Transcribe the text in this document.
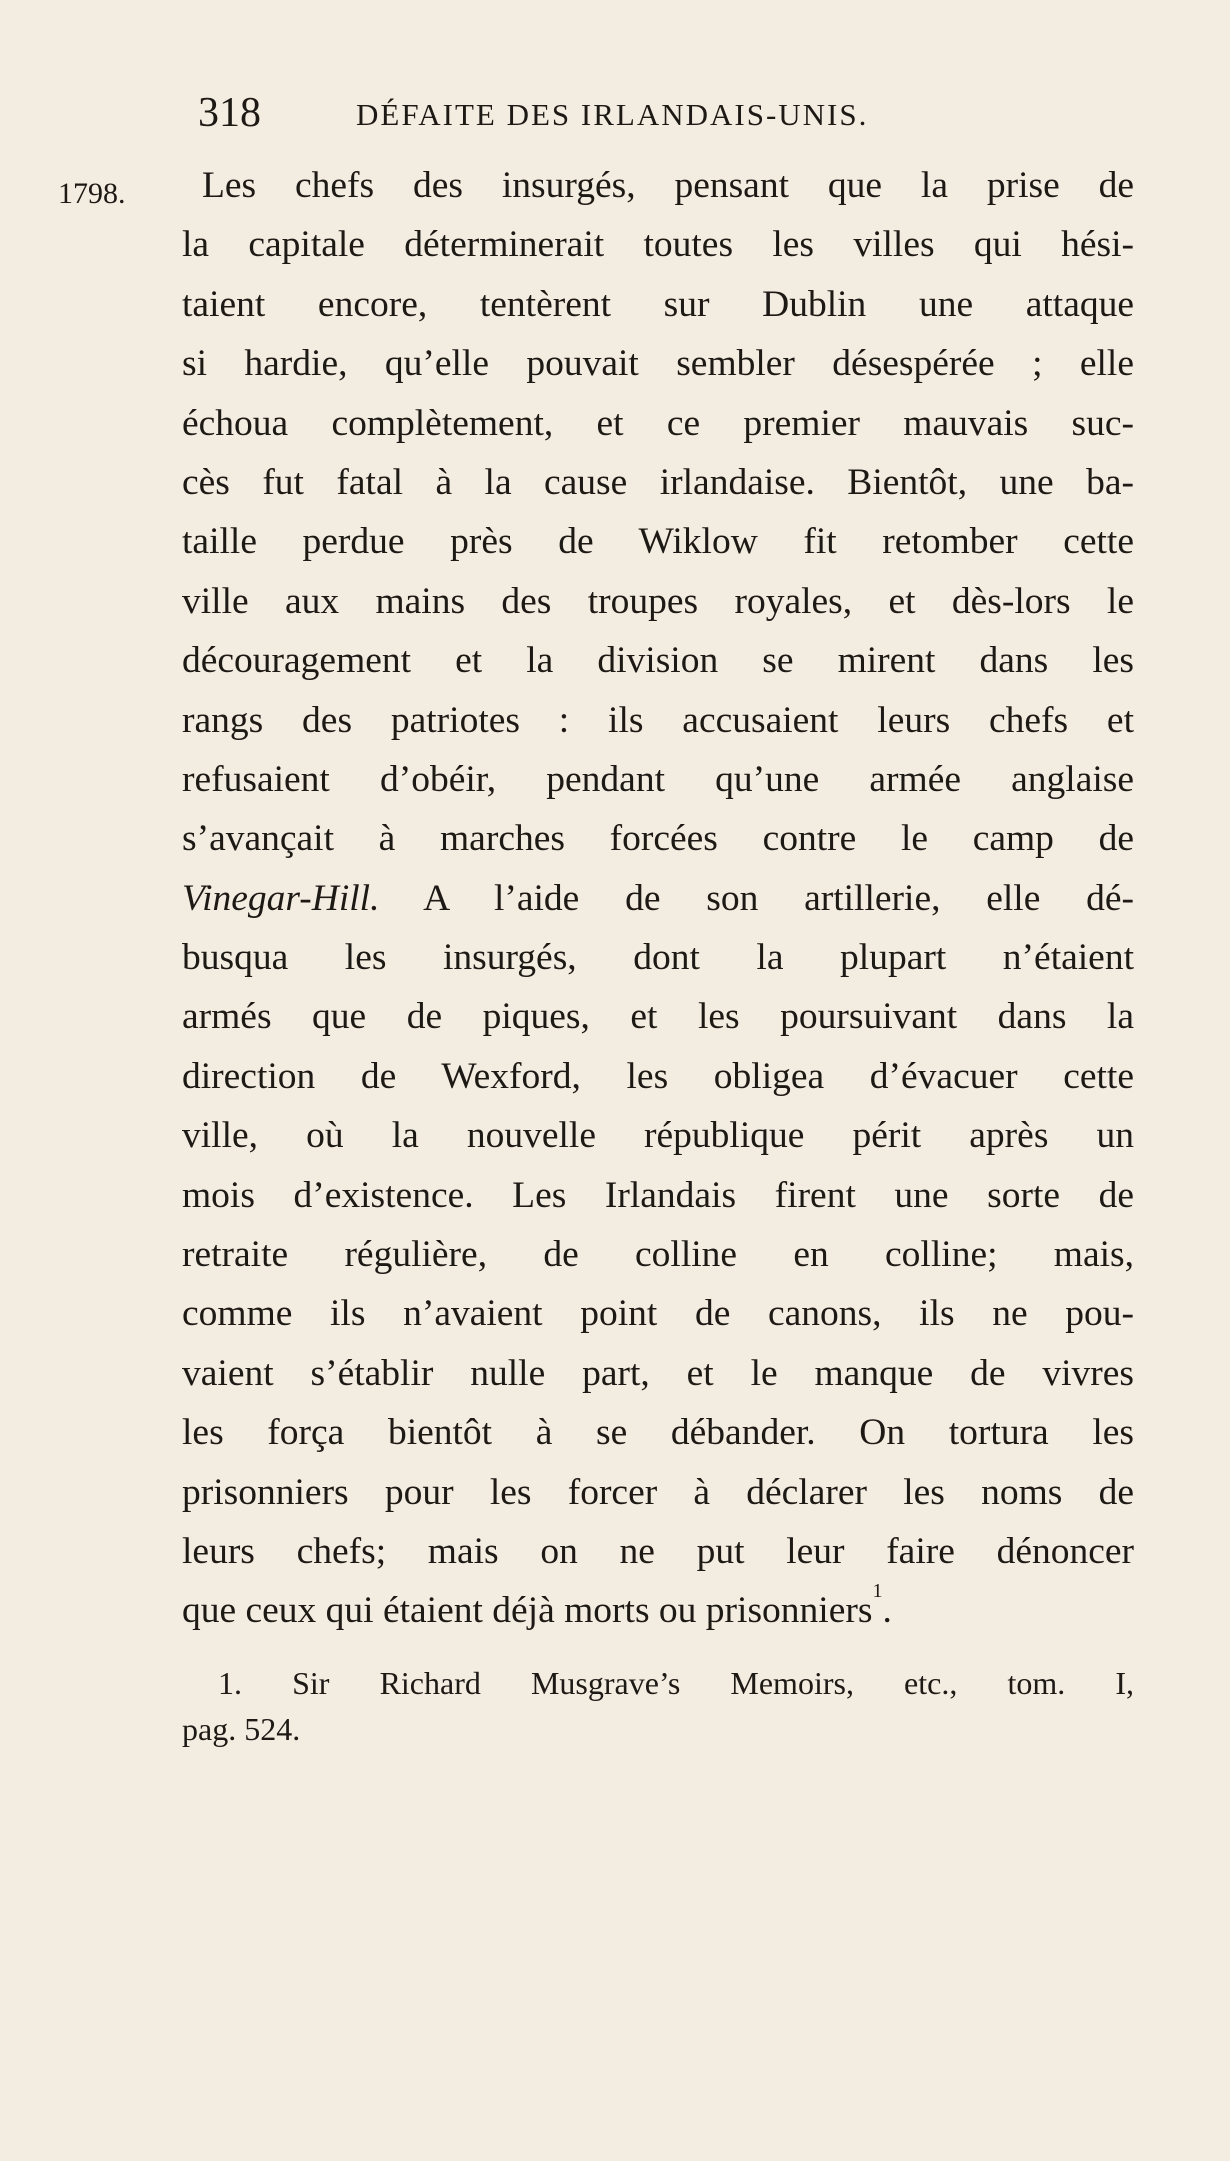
318	DÉFAITE DES IRLANDAIS-UNIS.
1798.	Les chefs des insurgés, pensant que la prise de
la capitale déterminerait toutes les villes qui hési-
taient encore, tentèrent sur Dublin une attaque
si hardie, qu’elle pouvait sembler désespérée ; elle
échoua complètement, et ce premier mauvais suc-
cès fut fatal à la cause irlandaise. Bientôt, une ba-
taille perdue près de Wiklow fit retomber cette
ville aux mains des troupes royales, et dès-lors le
découragement et la division se mirent dans les
rangs des patriotes : ils accusaient leurs chefs et
refusaient d’obéir, pendant qu’une armée anglaise
s’avançait à marches forcées contre le camp de
Vinegar-Hill. A l’aide de son artillerie, elle dé-
busqua les insurgés, dont la plupart n’étaient
armés que de piques, et les poursuivant dans la
direction de Wexford, les obligea d’évacuer cette
ville, où la nouvelle république périt après un
mois d’existence. Les Irlandais firent une sorte de
retraite régulière, de colline en colline; mais,
comme ils n’avaient point de canons, ils ne pou-
vaient s’établir nulle part, et le manque de vivres
les força bientôt à se débander. On tortura les
prisonniers pour les forcer à déclarer les noms de
leurs chefs; mais on ne put leur faire dénoncer
que ceux qui étaient déjà morts ou prisonniers$^1$.
1. Sir Richard Musgrave’s Memoirs, etc., tom. I,
pag. 524.
